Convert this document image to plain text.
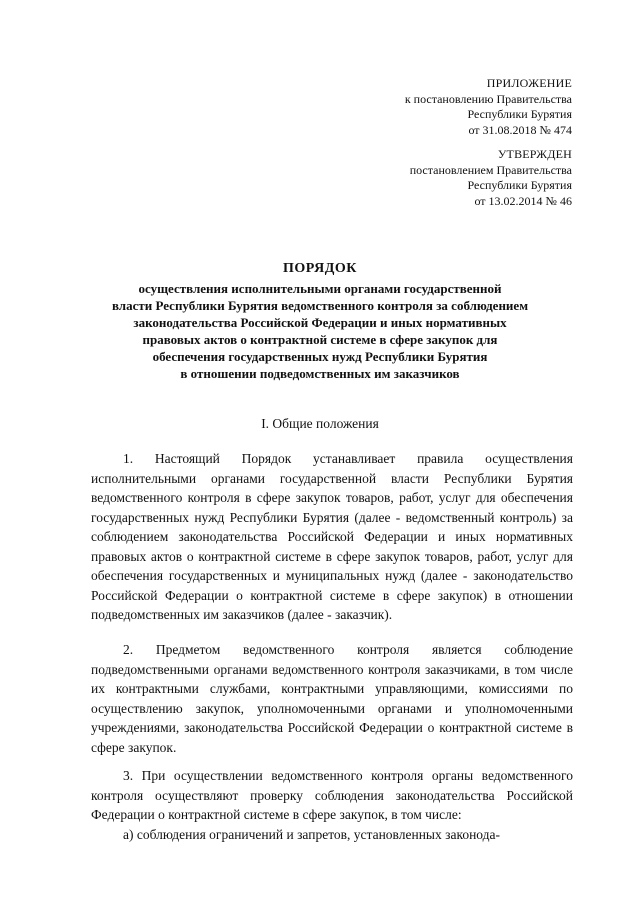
ПРИЛОЖЕНИЕ
к постановлению Правительства
Республики Бурятия
от 31.08.2018 № 474
УТВЕРЖДЕН
постановлением Правительства
Республики Бурятия
от 13.02.2014 № 46
ПОРЯДОК
осуществления исполнительными органами государственной
власти Республики Бурятия ведомственного контроля за соблюдением
законодательства Российской Федерации и иных нормативных
правовых актов о контрактной системе в сфере закупок для
обеспечения государственных нужд Республики Бурятия
в отношении подведомственных им заказчиков
I. Общие положения

1. Настоящий Порядок устанавливает правила осуществления исполнительными органами государственной власти Республики Бурятия ведомственного контроля в сфере закупок товаров, работ, услуг для обеспечения государственных нужд Республики Бурятия (далее - ведомственный контроль) за соблюдением законодательства Российской Федерации и иных нормативных правовых актов о контрактной системе в сфере закупок товаров, работ, услуг для обеспечения государственных и муниципальных нужд (далее - законодательство Российской Федерации о контрактной системе в сфере закупок) в отношении подведомственных им заказчиков (далее - заказчик).

2. Предметом ведомственного контроля является соблюдение подведомственными органами ведомственного контроля заказчиками, в том числе их контрактными службами, контрактными управляющими, комиссиями по осуществлению закупок, уполномоченными органами и уполномоченными учреждениями, законодательства Российской Федерации о контрактной системе в сфере закупок.

3. При осуществлении ведомственного контроля органы ведомственного контроля осуществляют проверку соблюдения законодательства Российской Федерации о контрактной системе в сфере закупок, в том числе:

а) соблюдения ограничений и запретов, установленных законода-
